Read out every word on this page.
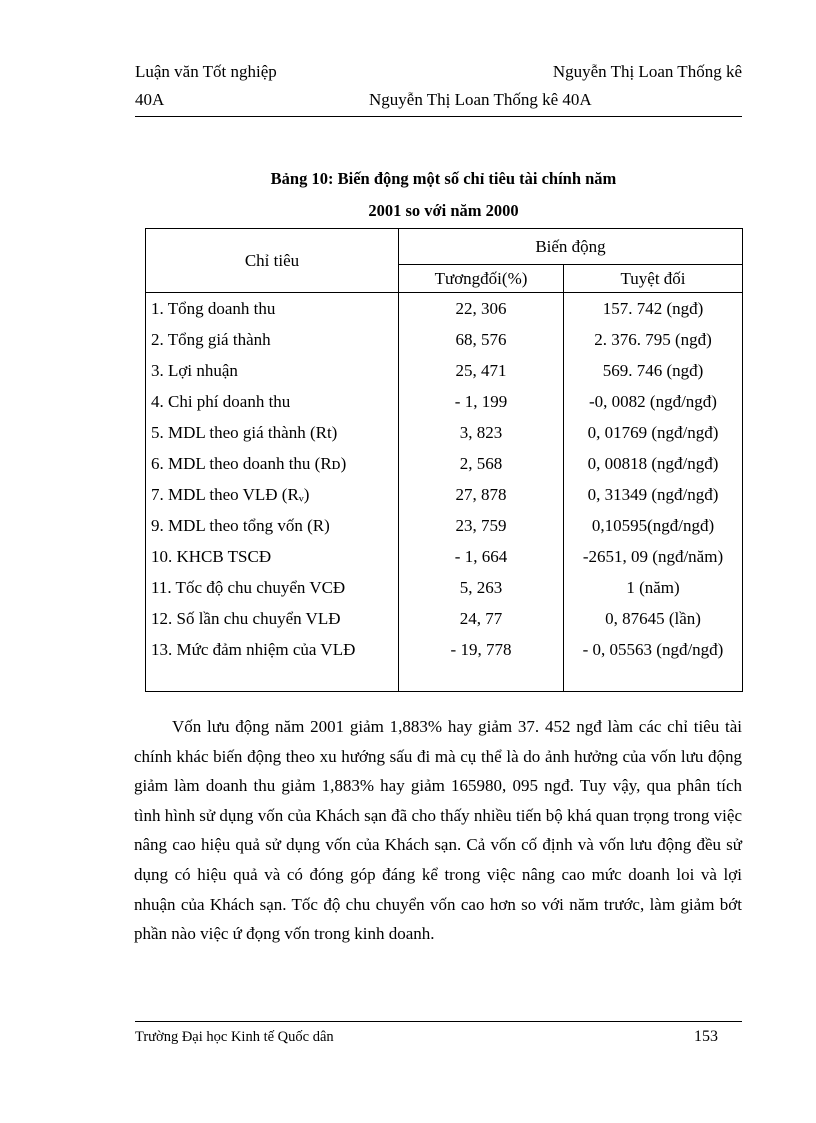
Luận văn Tốt nghiệp	Nguyễn Thị Loan Thống kê
40A	Nguyễn Thị Loan Thống kê 40A
Bảng 10: Biến động một số chỉ tiêu tài chính năm
2001 so với năm 2000
Chỉ tiêu	Biến động	
	Tươngđối(%)	Tuyệt đối
1. Tổng doanh thu	22, 306	157. 742 (ngđ)
2. Tổng giá thành	68, 576	2. 376. 795 (ngđ)
3. Lợi nhuận	25, 471	569. 746 (ngđ)
4. Chi phí doanh thu	- 1, 199	-0, 0082 (ngđ/ngđ)
5. MDL theo giá thành (Rt)	3, 823	0, 01769 (ngđ/ngđ)
6. MDL theo doanh thu (Rᴅ)	2, 568	0, 00818 (ngđ/ngđ)
7. MDL theo VLĐ (Rᵥ)	27, 878	0, 31349 (ngđ/ngđ)
9. MDL theo tổng vốn (R)	23, 759	0,10595(ngđ/ngđ)
10. KHCB TSCĐ	- 1, 664	-2651, 09 (ngđ/năm)
11. Tốc độ chu chuyển VCĐ	5, 263	1 (năm)
12. Số lần chu chuyển VLĐ	24, 77	0, 87645 (lần)
13. Mức đảm nhiệm của VLĐ	- 19, 778	- 0, 05563 (ngđ/ngđ)

Vốn lưu động năm 2001 giảm 1,883% hay giảm 37. 452 ngđ làm các chỉ tiêu tài chính khác biến động theo xu hướng sấu đi mà cụ thể là do ảnh hưởng của vốn lưu động giảm làm doanh thu giảm 1,883% hay giảm 165980, 095 ngđ. Tuy vậy, qua phân tích tình hình sử dụng vốn của Khách sạn đã cho thấy nhiều tiến bộ khá quan trọng trong việc nâng cao hiệu quả sử dụng vốn của Khách sạn. Cả vốn cố định và vốn lưu động đều sử dụng có hiệu quả và có đóng góp đáng kể trong việc nâng cao mức doanh loi và lợi nhuận của Khách sạn. Tốc độ chu chuyển vốn cao hơn so với năm trước, làm giảm bớt phần nào việc ứ đọng vốn trong kinh doanh.
Trường Đại học Kinh tế Quốc dân	153
